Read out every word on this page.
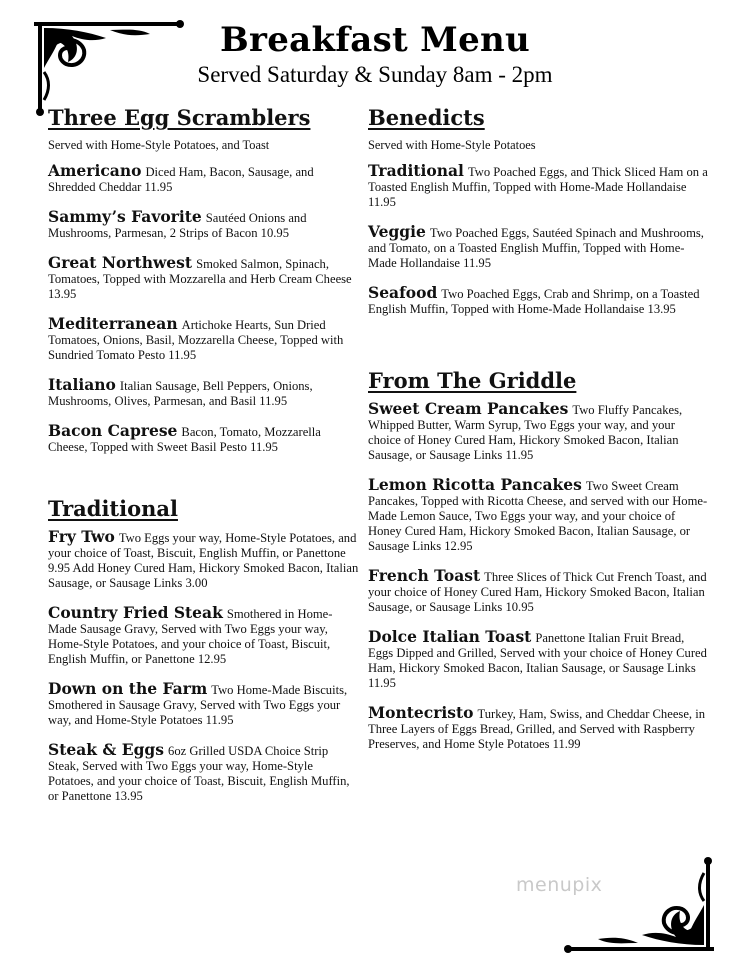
Breakfast Menu
Served Saturday & Sunday 8am - 2pm
Three Egg Scramblers
Served with Home-Style Potatoes, and Toast
Americano Diced Ham, Bacon, Sausage, and Shredded Cheddar 11.95
Sammy’s Favorite Sautéed Onions and Mushrooms, Parmesan, 2 Strips of Bacon 10.95
Great Northwest Smoked Salmon, Spinach, Tomatoes, Topped with Mozzarella and Herb Cream Cheese 13.95
Mediterranean Artichoke Hearts, Sun Dried Tomatoes, Onions, Basil, Mozzarella Cheese, Topped with Sundried Tomato Pesto 11.95
Italiano Italian Sausage, Bell Peppers, Onions, Mushrooms, Olives, Parmesan, and Basil 11.95
Bacon Caprese Bacon, Tomato, Mozzarella Cheese, Topped with Sweet Basil Pesto 11.95
Traditional
Fry Two Two Eggs your way, Home-Style Potatoes, and your choice of Toast, Biscuit, English Muffin, or Panettone 9.95 Add Honey Cured Ham, Hickory Smoked Bacon, Italian Sausage, or Sausage Links 3.00
Country Fried Steak Smothered in Home-Made Sausage Gravy, Served with Two Eggs your way, Home-Style Potatoes, and your choice of Toast, Biscuit, English Muffin, or Panettone 12.95
Down on the Farm Two Home-Made Biscuits, Smothered in Sausage Gravy, Served with Two Eggs your way, and Home-Style Potatoes 11.95
Steak & Eggs 6oz Grilled USDA Choice Strip Steak, Served with Two Eggs your way, Home-Style Potatoes, and your choice of Toast, Biscuit, English Muffin, or Panettone 13.95
Benedicts
Served with Home-Style Potatoes
Traditional Two Poached Eggs, and Thick Sliced Ham on a Toasted English Muffin, Topped with Home-Made Hollandaise 11.95
Veggie Two Poached Eggs, Sautéed Spinach and Mushrooms, and Tomato, on a Toasted English Muffin, Topped with Home-Made Hollandaise 11.95
Seafood Two Poached Eggs, Crab and Shrimp, on a Toasted English Muffin, Topped with Home-Made Hollandaise 13.95
From The Griddle
Sweet Cream Pancakes Two Fluffy Pancakes, Whipped Butter, Warm Syrup, Two Eggs your way, and your choice of Honey Cured Ham, Hickory Smoked Bacon, Italian Sausage, or Sausage Links 11.95
Lemon Ricotta Pancakes Two Sweet Cream Pancakes, Topped with Ricotta Cheese, and served with our Home-Made Lemon Sauce, Two Eggs your way, and your choice of Honey Cured Ham, Hickory Smoked Bacon, Italian Sausage, or Sausage Links 12.95
French Toast Three Slices of Thick Cut French Toast, and your choice of Honey Cured Ham, Hickory Smoked Bacon, Italian Sausage, or Sausage Links 10.95
Dolce Italian Toast Panettone Italian Fruit Bread, Eggs Dipped and Grilled, Served with your choice of Honey Cured Ham, Hickory Smoked Bacon, Italian Sausage, or Sausage Links 11.95
Montecristo Turkey, Ham, Swiss, and Cheddar Cheese, in Three Layers of Eggs Bread, Grilled, and Served with Raspberry Preserves, and Home Style Potatoes 11.99
menupix
